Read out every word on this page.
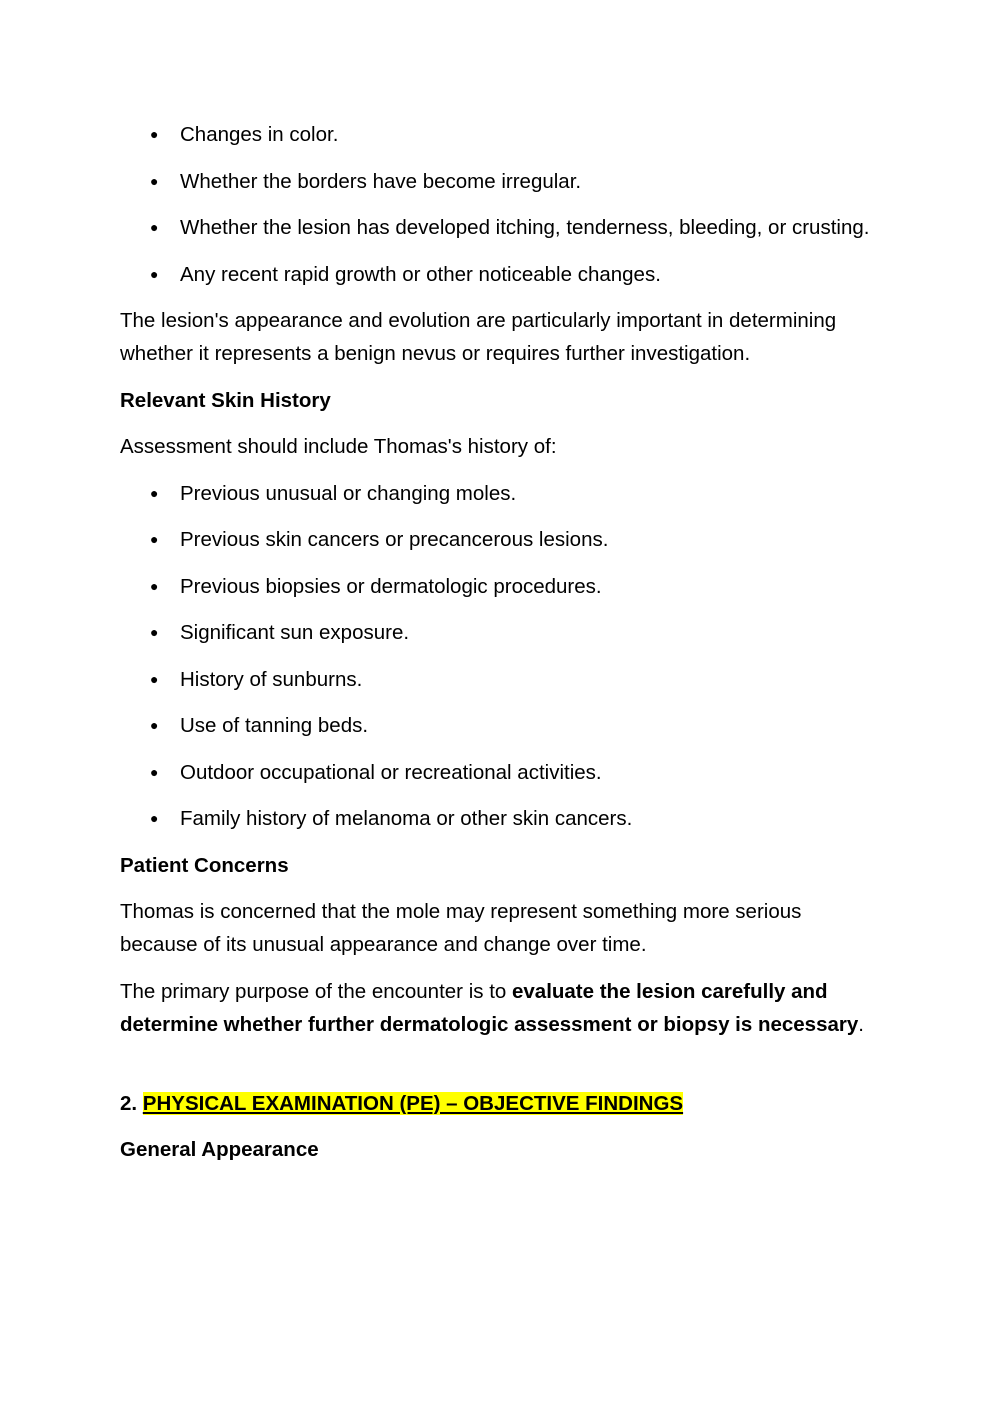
● Changes in color.
● Whether the borders have become irregular.
● Whether the lesion has developed itching, tenderness, bleeding, or crusting.
● Any recent rapid growth or other noticeable changes.

The lesion's appearance and evolution are particularly important in determining whether it represents a benign nevus or requires further investigation.

Relevant Skin History

Assessment should include Thomas's history of:

● Previous unusual or changing moles.
● Previous skin cancers or precancerous lesions.
● Previous biopsies or dermatologic procedures.
● Significant sun exposure.
● History of sunburns.
● Use of tanning beds.
● Outdoor occupational or recreational activities.
● Family history of melanoma or other skin cancers.
Patient Concerns

Thomas is concerned that the mole may represent something more serious because of its unusual appearance and change over time.

The primary purpose of the encounter is to evaluate the lesion carefully and determine whether further dermatologic assessment or biopsy is necessary.

2. PHYSICAL EXAMINATION (PE) – OBJECTIVE FINDINGS
General Appearance
